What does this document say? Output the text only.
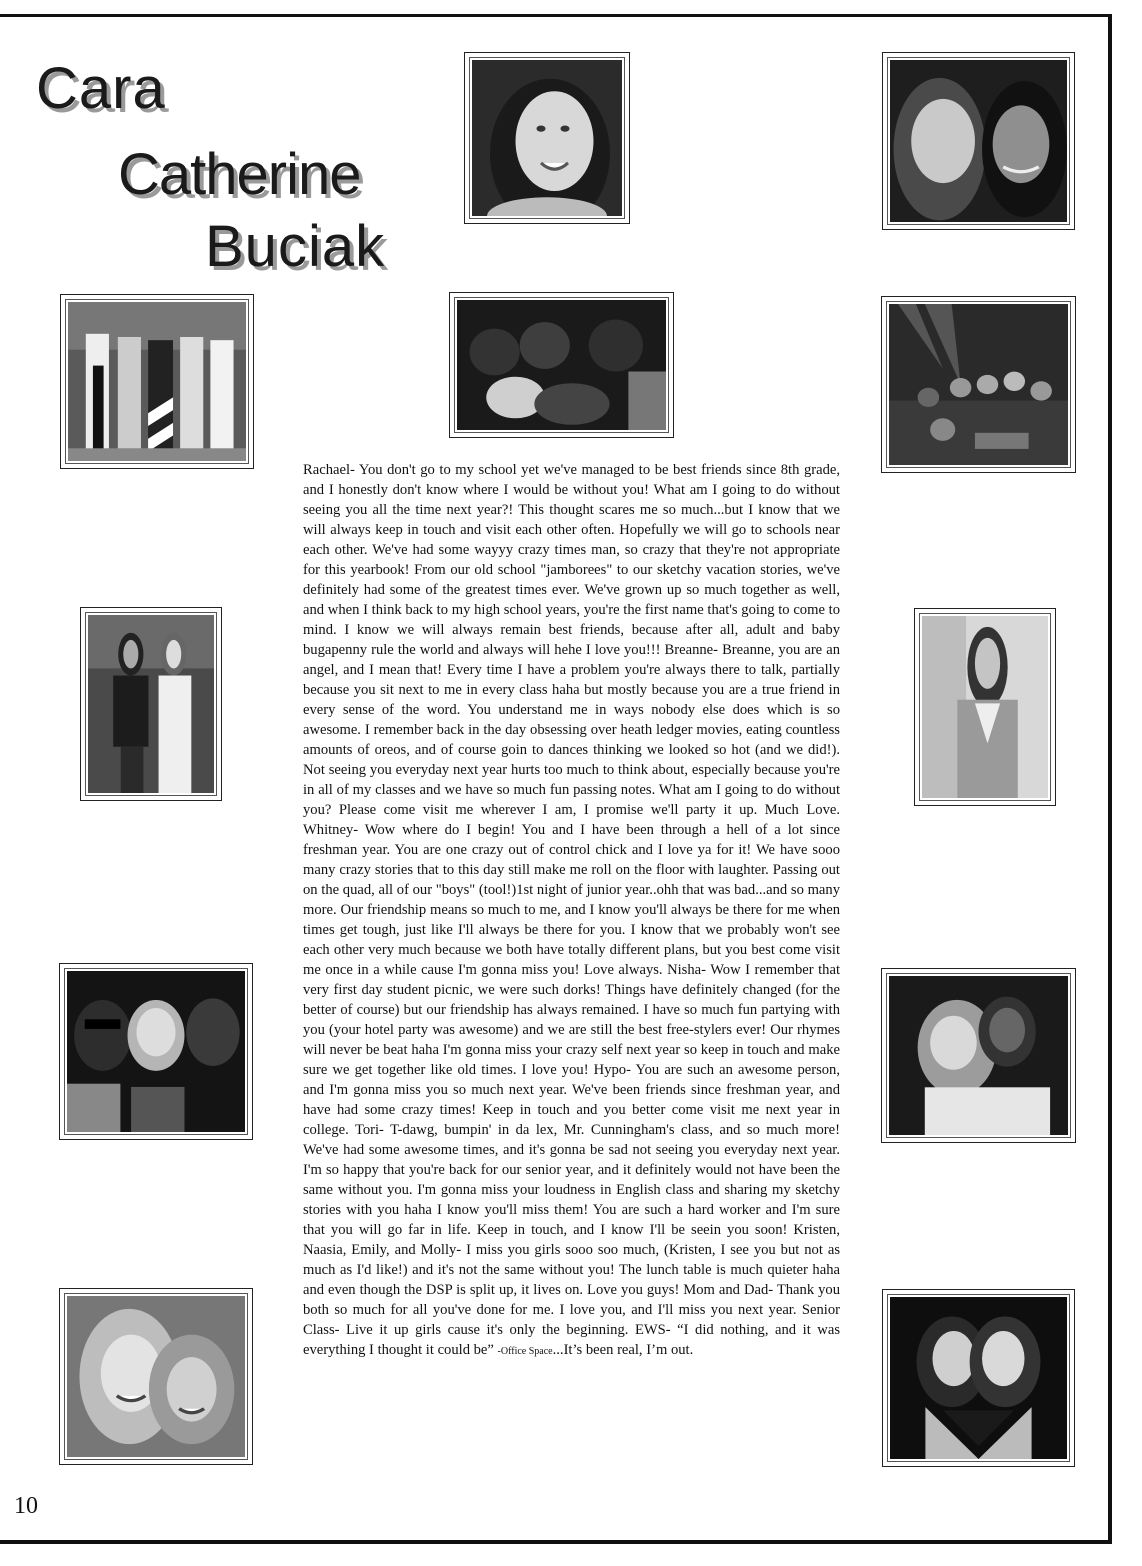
Cara
Catherine
Buciak
Rachael- You don't go to my school yet we've managed to be best friends since 8th grade, and I honestly don't know where I would be without you! What am I going to do without seeing you all the time next year?! This thought scares me so much...but I know that we will always keep in touch and visit each other often. Hopefully we will go to schools near each other. We've had some wayyy crazy times man, so crazy that they're not appropriate for this yearbook! From our old school "jamborees" to our sketchy vacation stories, we've definitely had some of the greatest times ever. We've grown up so much together as well, and when I think back to my high school years, you're the first name that's going to come to mind. I know we will always remain best friends, because after all, adult and baby bugapenny rule the world and always will hehe I love you!!! Breanne- Breanne, you are an angel, and I mean that! Every time I have a problem you're always there to talk, partially because you sit next to me in every class haha but mostly because you are a true friend in every sense of the word. You understand me in ways nobody else does which is so awesome. I remember back in the day obsessing over heath ledger movies, eating countless amounts of oreos, and of course goin to dances thinking we looked so hot (and we did!). Not seeing you everyday next year hurts too much to think about, especially because you're in all of my classes and we have so much fun passing notes. What am I going to do without you? Please come visit me wherever I am, I promise we'll party it up. Much Love. Whitney- Wow where do I begin! You and I have been through a hell of a lot since freshman year. You are one crazy out of control chick and I love ya for it! We have sooo many crazy stories that to this day still make me roll on the floor with laughter. Passing out on the quad, all of our "boys" (tool!)1st night of junior year..ohh that was bad...and so many more. Our friendship means so much to me, and I know you'll always be there for me when times get tough, just like I'll always be there for you. I know that we probably won't see each other very much because we both have totally different plans, but you best come visit me once in a while cause I'm gonna miss you! Love always. Nisha- Wow I remember that very first day student picnic, we were such dorks! Things have definitely changed (for the better of course) but our friendship has always remained. I have so much fun partying with you (your hotel party was awesome) and we are still the best free-stylers ever! Our rhymes will never be beat haha I'm gonna miss your crazy self next year so keep in touch and make sure we get together like old times. I love you! Hypo- You are such an awesome person, and I'm gonna miss you so much next year. We've been friends since freshman year, and have had some crazy times! Keep in touch and you better come visit me next year in college. Tori- T-dawg, bumpin' in da lex, Mr. Cunningham's class, and so much more! We've had some awesome times, and it's gonna be sad not seeing you everyday next year. I'm so happy that you're back for our senior year, and it definitely would not have been the same without you. I'm gonna miss your loudness in English class and sharing my sketchy stories with you haha I know you'll miss them! You are such a hard worker and I'm sure that you will go far in life. Keep in touch, and I know I'll be seein you soon! Kristen, Naasia, Emily, and Molly- I miss you girls sooo soo much, (Kristen, I see you but not as much as I'd like!) and it's not the same without you! The lunch table is much quieter haha and even though the DSP is split up, it lives on. Love you guys! Mom and Dad- Thank you both so much for all you've done for me. I love you, and I'll miss you next year. Senior Class- Live it up girls cause it's only the beginning. EWS- “I did nothing, and it was everything I thought it could be” -Office Space...It’s been real, I’m out.
10
